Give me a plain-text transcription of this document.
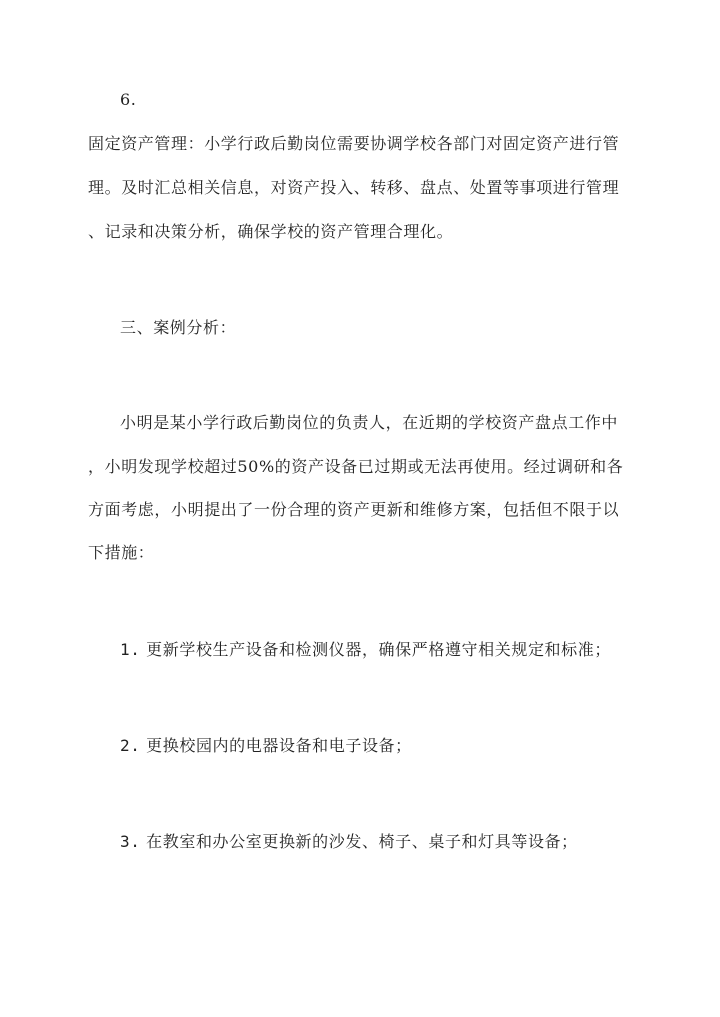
6.
固定资产管理：小学行政后勤岗位需要协调学校各部门对固定资产进行管
理。及时汇总相关信息，对资产投入、转移、盘点、处置等事项进行管理
、记录和决策分析，确保学校的资产管理合理化。
三、案例分析：
小明是某小学行政后勤岗位的负责人，在近期的学校资产盘点工作中
，小明发现学校超过50%的资产设备已过期或无法再使用。经过调研和各
方面考虑，小明提出了一份合理的资产更新和维修方案，包括但不限于以
下措施：
1. 更新学校生产设备和检测仪器，确保严格遵守相关规定和标准；
2. 更换校园内的电器设备和电子设备；
3. 在教室和办公室更换新的沙发、椅子、桌子和灯具等设备；
